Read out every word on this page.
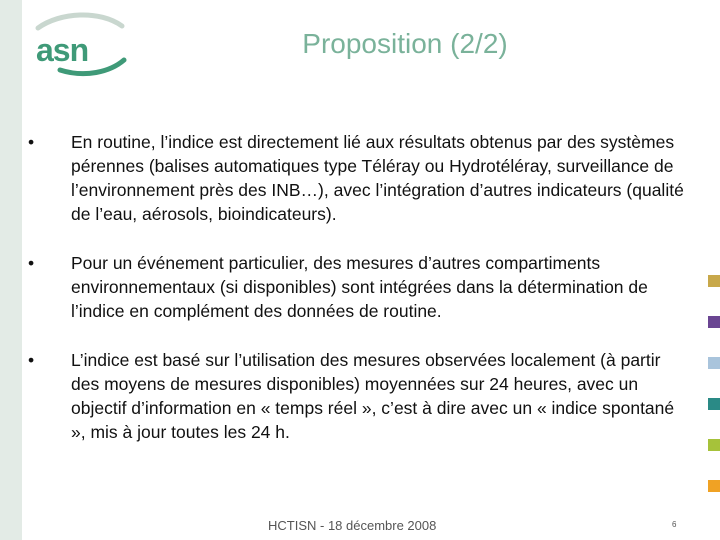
asn	Proposition (2/2)
•	En routine, l’indice est directement lié aux résultats obtenus par des systèmes pérennes (balises automatiques type Téléray ou Hydrotéléray, surveillance de l’environnement près des INB…), avec l’intégration d’autres indicateurs (qualité de l’eau, aérosols, bioindicateurs).
•	Pour un événement particulier, des mesures d’autres compartiments environnementaux (si disponibles) sont intégrées dans la détermination de l’indice en complément des données de routine.
•	L’indice est basé sur l’utilisation des mesures observées localement (à partir des moyens de mesures disponibles) moyennées sur 24 heures, avec un objectif d’information en « temps réel », c’est à dire avec un « indice spontané », mis à jour toutes les 24 h.
HCTISN - 18 décembre 2008	6
